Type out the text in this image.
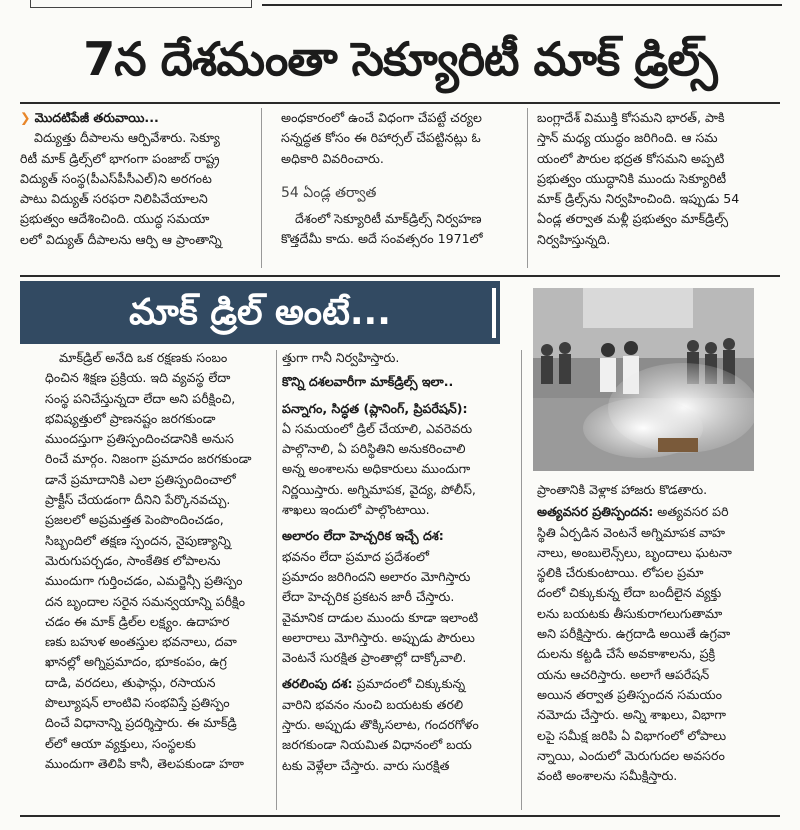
7న దేశమంతా సెక్యూరిటీ మాక్ డ్రిల్స్

❯ మొదటిపేజీ తరువాయి...

విద్యుత్తు దీపాలను ఆర్పివేశారు. సెక్యూ

రిటీ మాక్ డ్రిల్స్‌లో భాగంగా పంజాబ్ రాష్ట్ర

విద్యుత్ సంస్థ(పీఎస్‌పీసీఎల్)ని అరగంట

పాటు విద్యుత్ సరఫరా నిలిపివేయాలని

ప్రభుత్వం ఆదేశించింది. యుద్ధ సమయా

లలో విద్యుత్ దీపాలను ఆర్పి ఆ ప్రాంతాన్ని

అంధకారంలో ఉంచే విధంగా చేపట్టే చర్యల

సన్నద్ధత కోసం ఈ రిహార్సల్ చేపట్టినట్లు ఓ

అధికారి వివరించారు.

54 ఏండ్ల తర్వాత

దేశంలో సెక్యూరిటీ మాక్‌డ్రిల్స్ నిర్వహణ

కొత్తదేమీ కాదు. అదే సంవత్సరం 1971లో

బంగ్లాదేశ్ విముక్తి కోసమని భారత్, పాకి

స్తాన్ మధ్య యుద్ధం జరిగింది. ఆ సమ

యంలో పౌరుల భద్రత కోసమని అప్పటి

ప్రభుత్వం యుద్ధానికి ముందు సెక్యూరిటీ

మాక్ డ్రిల్స్‌ను నిర్వహించింది. ఇప్పుడు 54

ఏండ్ల తర్వాత మళ్లీ ప్రభుత్వం మాక్‌డ్రిల్స్

నిర్వహిస్తున్నది.

మాక్ డ్రిల్ అంటే...

మాక్‌డ్రిల్ అనేది ఒక రక్షణకు సంబం

ధించిన శిక్షణ ప్రక్రియ. ఇది వ్యవస్థ లేదా

సంస్థ పనిచేస్తున్నదా లేదా అని పరీక్షించి,

భవిష్యత్తులో ప్రాణనష్టం జరగకుండా

ముందస్తుగా ప్రతిస్పందించడానికి అనుస

రించే మార్గం. నిజంగా ప్రమాదం జరగకుండా

డానే ప్రమాదానికి ఎలా ప్రతిస్పందించాలో

ప్రాక్టీస్ చేయడంగా దీనిని పేర్కొనవచ్చు.

ప్రజలలో అప్రమత్తత పెంపొందించడం,

సిబ్బందిలో తక్షణ స్పందన, నైపుణ్యాన్ని

మెరుగుపర్చడం, సాంకేతిక లోపాలను

ముందుగా గుర్తించడం, ఎమర్జెన్సీ ప్రతిస్పం

దన బృందాల సరైన సమన్వయాన్ని పరీక్షిం

చడం ఈ మాక్ డ్రిల్‌ల లక్ష్యం. ఉదాహర

ణకు బహుళ అంతస్తుల భవనాలు, దవా

ఖానల్లో అగ్నిప్రమాదం, భూకంపం, ఉగ్ర

దాడి, వరదలు, తుఫాన్లు, రసాయన

పొల్యూషన్ లాంటివి సంభవిస్తే ప్రతిస్పం

దించే విధానాన్ని ప్రదర్శిస్తారు. ఈ మాక్‌డ్రి

ల్‌లో ఆయా వ్యక్తులు, సంస్థలకు

ముందుగా తెలిపి కానీ, తెలపకుండా హఠా

త్తుగా గానీ నిర్వహిస్తారు.

కొన్ని దశలవారీగా మాక్‌డ్రిల్స్ ఇలా..

పన్నాగం, సిద్ధత (ప్లానింగ్, ప్రిపరేషన్):

ఏ సమయంలో డ్రిల్ చేయాలి, ఎవరెవరు

పాల్గొనాలి, ఏ పరిస్థితిని అనుకరించాలి

అన్న అంశాలను అధికారులు ముందుగా

నిర్ణయిస్తారు. అగ్నిమాపక, వైద్య, పోలీస్,

శాఖలు ఇందులో పాల్గొంటాయి.

అలారం లేదా హెచ్చరిక ఇచ్చే దశ:

భవనం లేదా ప్రమాద ప్రదేశంలో

ప్రమాదం జరిగిందని అలారం మోగిస్తారు

లేదా హెచ్చరిక ప్రకటన జారీ చేస్తారు.

వైమానిక దాడుల ముందు కూడా ఇలాంటి

అలారాలు మోగిస్తారు. అప్పుడు పౌరులు

వెంటనే సురక్షిత ప్రాంతాల్లో దాక్కోవాలి.

తరలింపు దశ: ప్రమాదంలో చిక్కుకున్న

వారిని భవనం నుంచి బయటకు తరలి

స్తారు. అప్పుడు తొక్కిసలాట, గందరగోళం

జరగకుండా నియమిత విధానంలో బయ

టకు వెళ్లేలా చేస్తారు. వారు సురక్షిత

ప్రాంతానికి వెళ్లాక హాజరు కొడతారు.

అత్యవసర ప్రతిస్పందన: అత్యవసర పరి

స్థితి ఏర్పడిన వెంటనే అగ్నిమాపక వాహ

నాలు, అంబులెన్స్‌లు, బృందాలు ఘటనా

స్థలికి చేరుకుంటాయి. లోపల ప్రమా

దంలో చిక్కుకున్న లేదా బందీలైన వ్యక్తు

లను బయటకు తీసుకురాగలుగుతామా

అని పరీక్షిస్తారు. ఉగ్రదాడి అయితే ఉగ్రవా

దులను కట్టడి చేసే అవకాశాలను, ప్రక్రి

యను ఆచరిస్తారు. అలాగే ఆపరేషన్

అయిన తర్వాత ప్రతిస్పందన సమయం

నమోదు చేస్తారు. అన్ని శాఖలు, విభాగా

లపై సమీక్ష జరిపి ఏ విభాగంలో లోపాలు

న్నాయి, ఎందులో మెరుగుదల అవసరం

వంటి అంశాలను సమీక్షిస్తారు.
